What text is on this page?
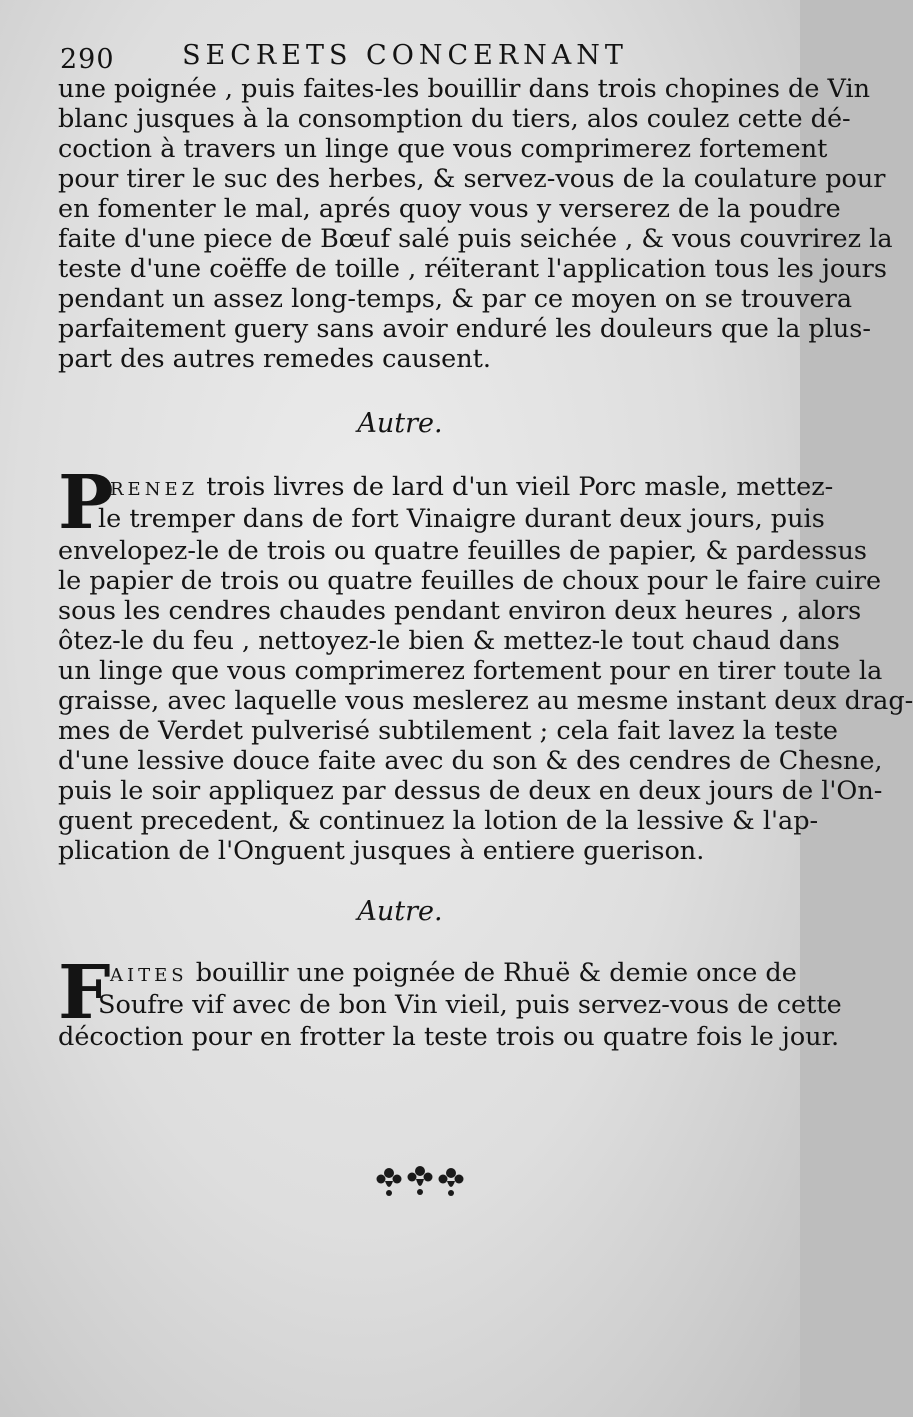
290	SECRETS CONCERNANT
une poignée , puis faites-les bouillir dans trois chopines de Vin
blanc jusques à la consomption du tiers, alos coulez cette dé-
coction à travers un linge que vous comprimerez fortement
pour tirer le suc des herbes, & servez-vous de la coulature pour
en fomenter le mal, aprés quoy vous y verserez de la poudre
faite d'une piece de Bœuf salé puis seichée , & vous couvrirez la
teste d'une coëffe de toille , réïterant l'application tous les jours
pendant un assez long-temps, & par ce moyen on se trouvera
parfaitement guery sans avoir enduré les douleurs que la plus-
part des autres remedes causent.
Autre.
P
RENEZ trois livres de lard d'un vieil Porc masle, mettez-
le tremper dans de fort Vinaigre durant deux jours, puis
envelopez-le de trois ou quatre feuilles de papier, & pardessus
le papier de trois ou quatre feuilles de choux pour le faire cuire
sous les cendres chaudes pendant environ deux heures , alors
ôtez-le du feu , nettoyez-le bien & mettez-le tout chaud dans
un linge que vous comprimerez fortement pour en tirer toute la
graisse, avec laquelle vous meslerez au mesme instant deux drag-
mes de Verdet pulverisé subtilement ; cela fait lavez la teste
d'une lessive douce faite avec du son & des cendres de Chesne,
puis le soir appliquez par dessus de deux en deux jours de l'On-
guent precedent, & continuez la lotion de la lessive & l'ap-
plication de l'Onguent jusques à entiere guerison.
Autre.
F AITES bouillir une poignée de Rhuë & demie once de
Soufre vif avec de bon Vin vieil, puis servez-vous de cette
décoction pour en frotter la teste trois ou quatre fois le jour.
